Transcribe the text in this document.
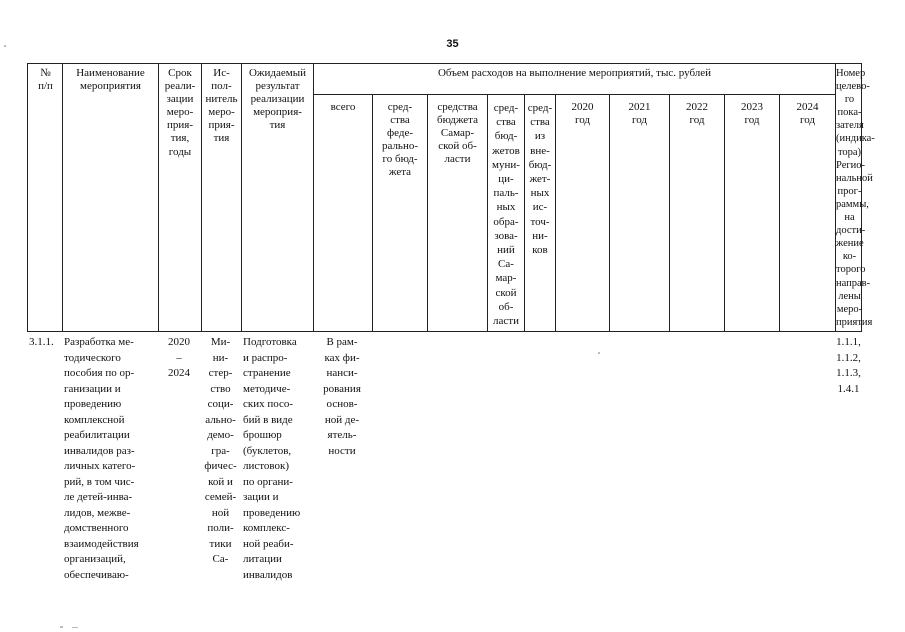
35
№
п/п
Наименование
мероприятия
Срок
реали-
зации
меро-
прия-
тия,
годы
Ис-
пол-
нитель
меро-
прия-
тия
Ожидаемый
результат
реализации
мероприя-
тия
Объем расходов на выполнение мероприятий, тыс. рублей	Номер
целево-
го пока-
зателя
(индика-
тора)
Регио-
нальной
прог-
раммы,
на дости-
жение ко-
торого
направ-
лены
меро-
приятия
всего	сред-
ства
феде-
рально-
го бюд-
жета
средства
бюджета
Самар-
ской об-
ласти
сред-
ства
бюд-
жетов
муни-
ци-
паль-
ных
обра-
зова-
ний
Са-
мар-
ской
об-
ласти
сред-
ства
из
вне-
бюд-
жет-
ных
ис-
точ-
ни-
ков
2020
год
2021
год
2022
год
2023
год
2024
год
3.1.1. Разработка ме-
тодического
пособия по ор-
ганизации и
проведению
комплексной
реабилитации
инвалидов раз-
личных катего-
рий, в том чис-
ле детей-инва-
лидов, межве-
домственного
взаимодействия
организаций,
обеспечиваю-
2020
–
2024
Ми-
ни-
стер-
ство
соци-
ально-
демо-
гра-
фичес-
кой и
семей-
ной
поли-
тики
Са-
Подготовка
и распро-
странение
методиче-
ских посо-
бий в виде
брошюр
(буклетов,
листовок)
по органи-
зации и
проведению
комплекс-
ной реаби-
литации
инвалидов
В рам-
ках фи-
нанси-
рования
основ-
ной де-
ятель-
ности
1.1.1,
1.1.2,
1.1.3,
1.4.1
